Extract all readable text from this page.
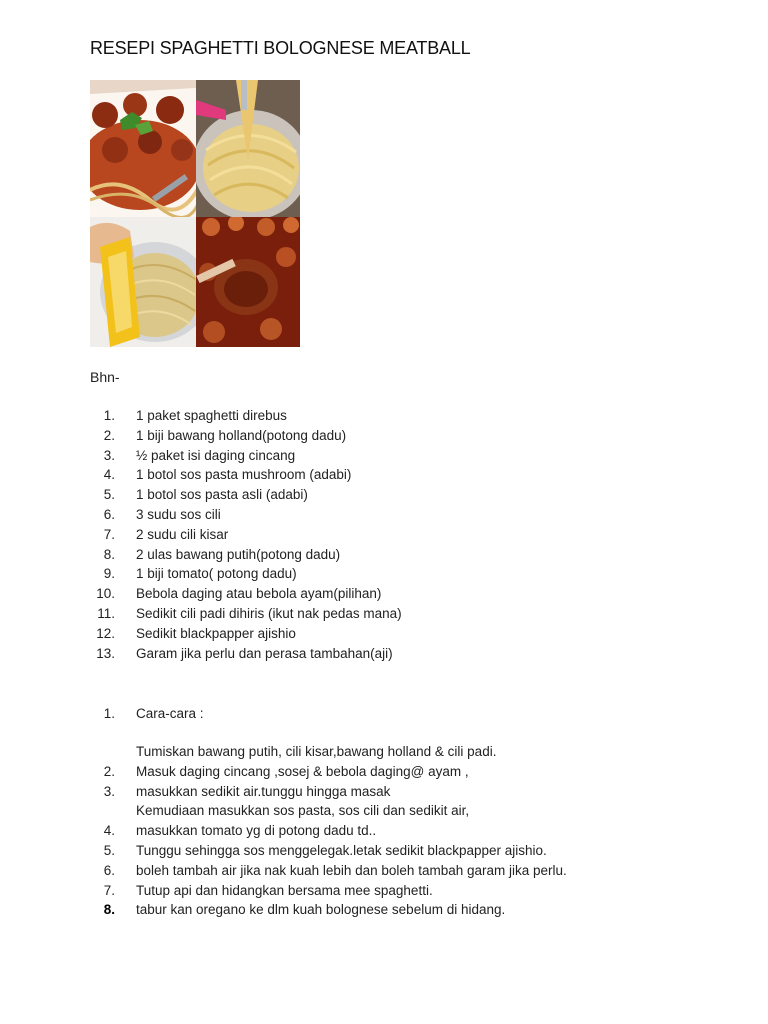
RESEPI SPAGHETTI BOLOGNESE MEATBALL
Bhn-
1. 1 paket spaghetti direbus
2. 1 biji bawang holland(potong dadu)
3. ½ paket isi daging cincang
4. 1 botol sos pasta mushroom (adabi)
5. 1 botol sos pasta asli (adabi)
6. 3 sudu sos cili
7. 2 sudu cili kisar
8. 2 ulas bawang putih(potong dadu)
9. 1 biji tomato( potong dadu)
10. Bebola daging atau bebola ayam(pilihan)
11. Sedikit cili padi dihiris (ikut nak pedas mana)
12. Sedikit blackpapper ajishio
13. Garam jika perlu dan perasa tambahan(aji)
1. Cara-cara :
Tumiskan bawang putih, cili kisar,bawang holland & cili padi.
2. Masuk daging cincang ,sosej & bebola daging@ ayam ,
3. masukkan sedikit air.tunggu hingga masak
Kemudiaan masukkan sos pasta, sos cili dan sedikit air,
4. masukkan tomato yg di potong dadu td..
5. Tunggu sehingga sos menggelegak.letak sedikit blackpapper ajishio.
6. boleh tambah air jika nak kuah lebih dan boleh tambah garam jika perlu.
7. Tutup api dan hidangkan bersama mee spaghetti.
8. tabur kan oregano ke dlm kuah bolognese sebelum di hidang.
